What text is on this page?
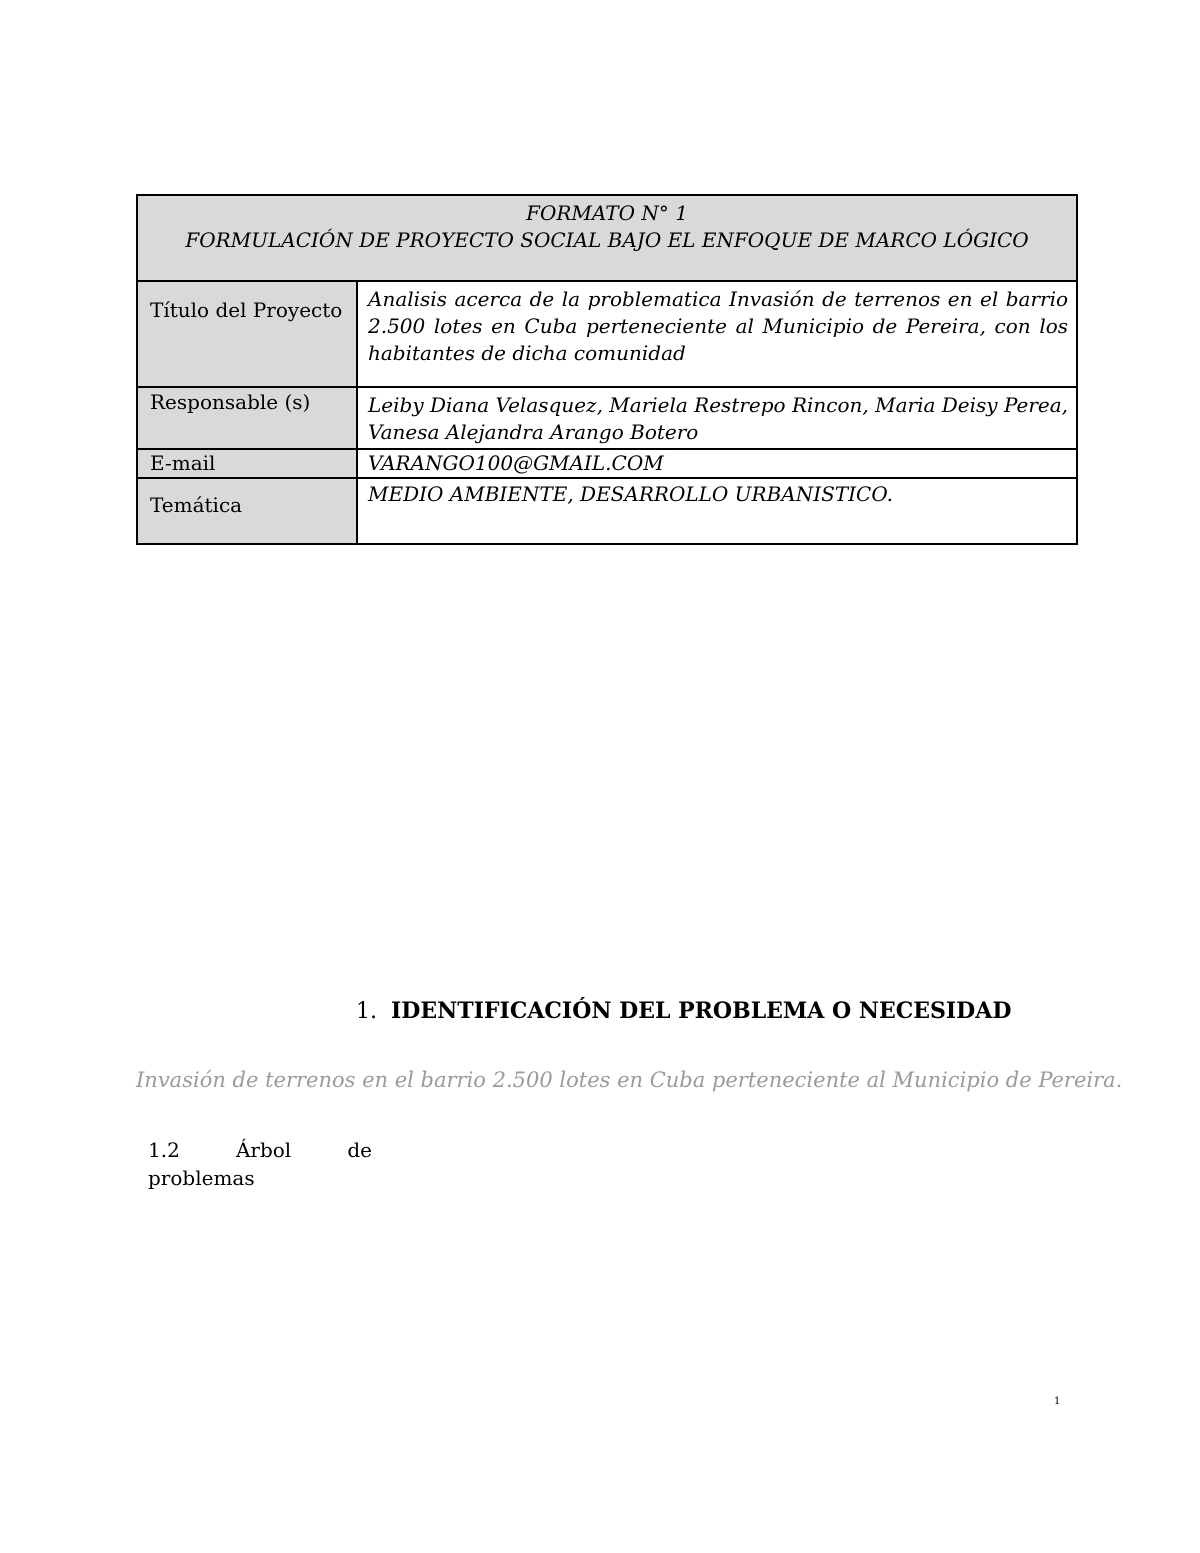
FORMATO N° 1
FORMULACIÓN DE PROYECTO SOCIAL BAJO EL ENFOQUE DE MARCO LÓGICO	

Título del Proyecto	Analisis acerca de la problematica Invasión de terrenos en el barrio 2.500 lotes en Cuba perteneciente al Municipio de Pereira, con los habitantes de dicha comunidad
Responsable (s)	Leiby Diana Velasquez, Mariela Restrepo Rincon, Maria Deisy Perea, Vanesa Alejandra Arango Botero
E-mail	VARANGO100@GMAIL.COM
Temática	MEDIO AMBIENTE, DESARROLLO URBANISTICO.
1. IDENTIFICACIÓN DEL PROBLEMA O NECESIDAD
Invasión de terrenos en el barrio 2.500 lotes en Cuba perteneciente al Municipio de Pereira.
1.2	Árbol	de
problemas
1
